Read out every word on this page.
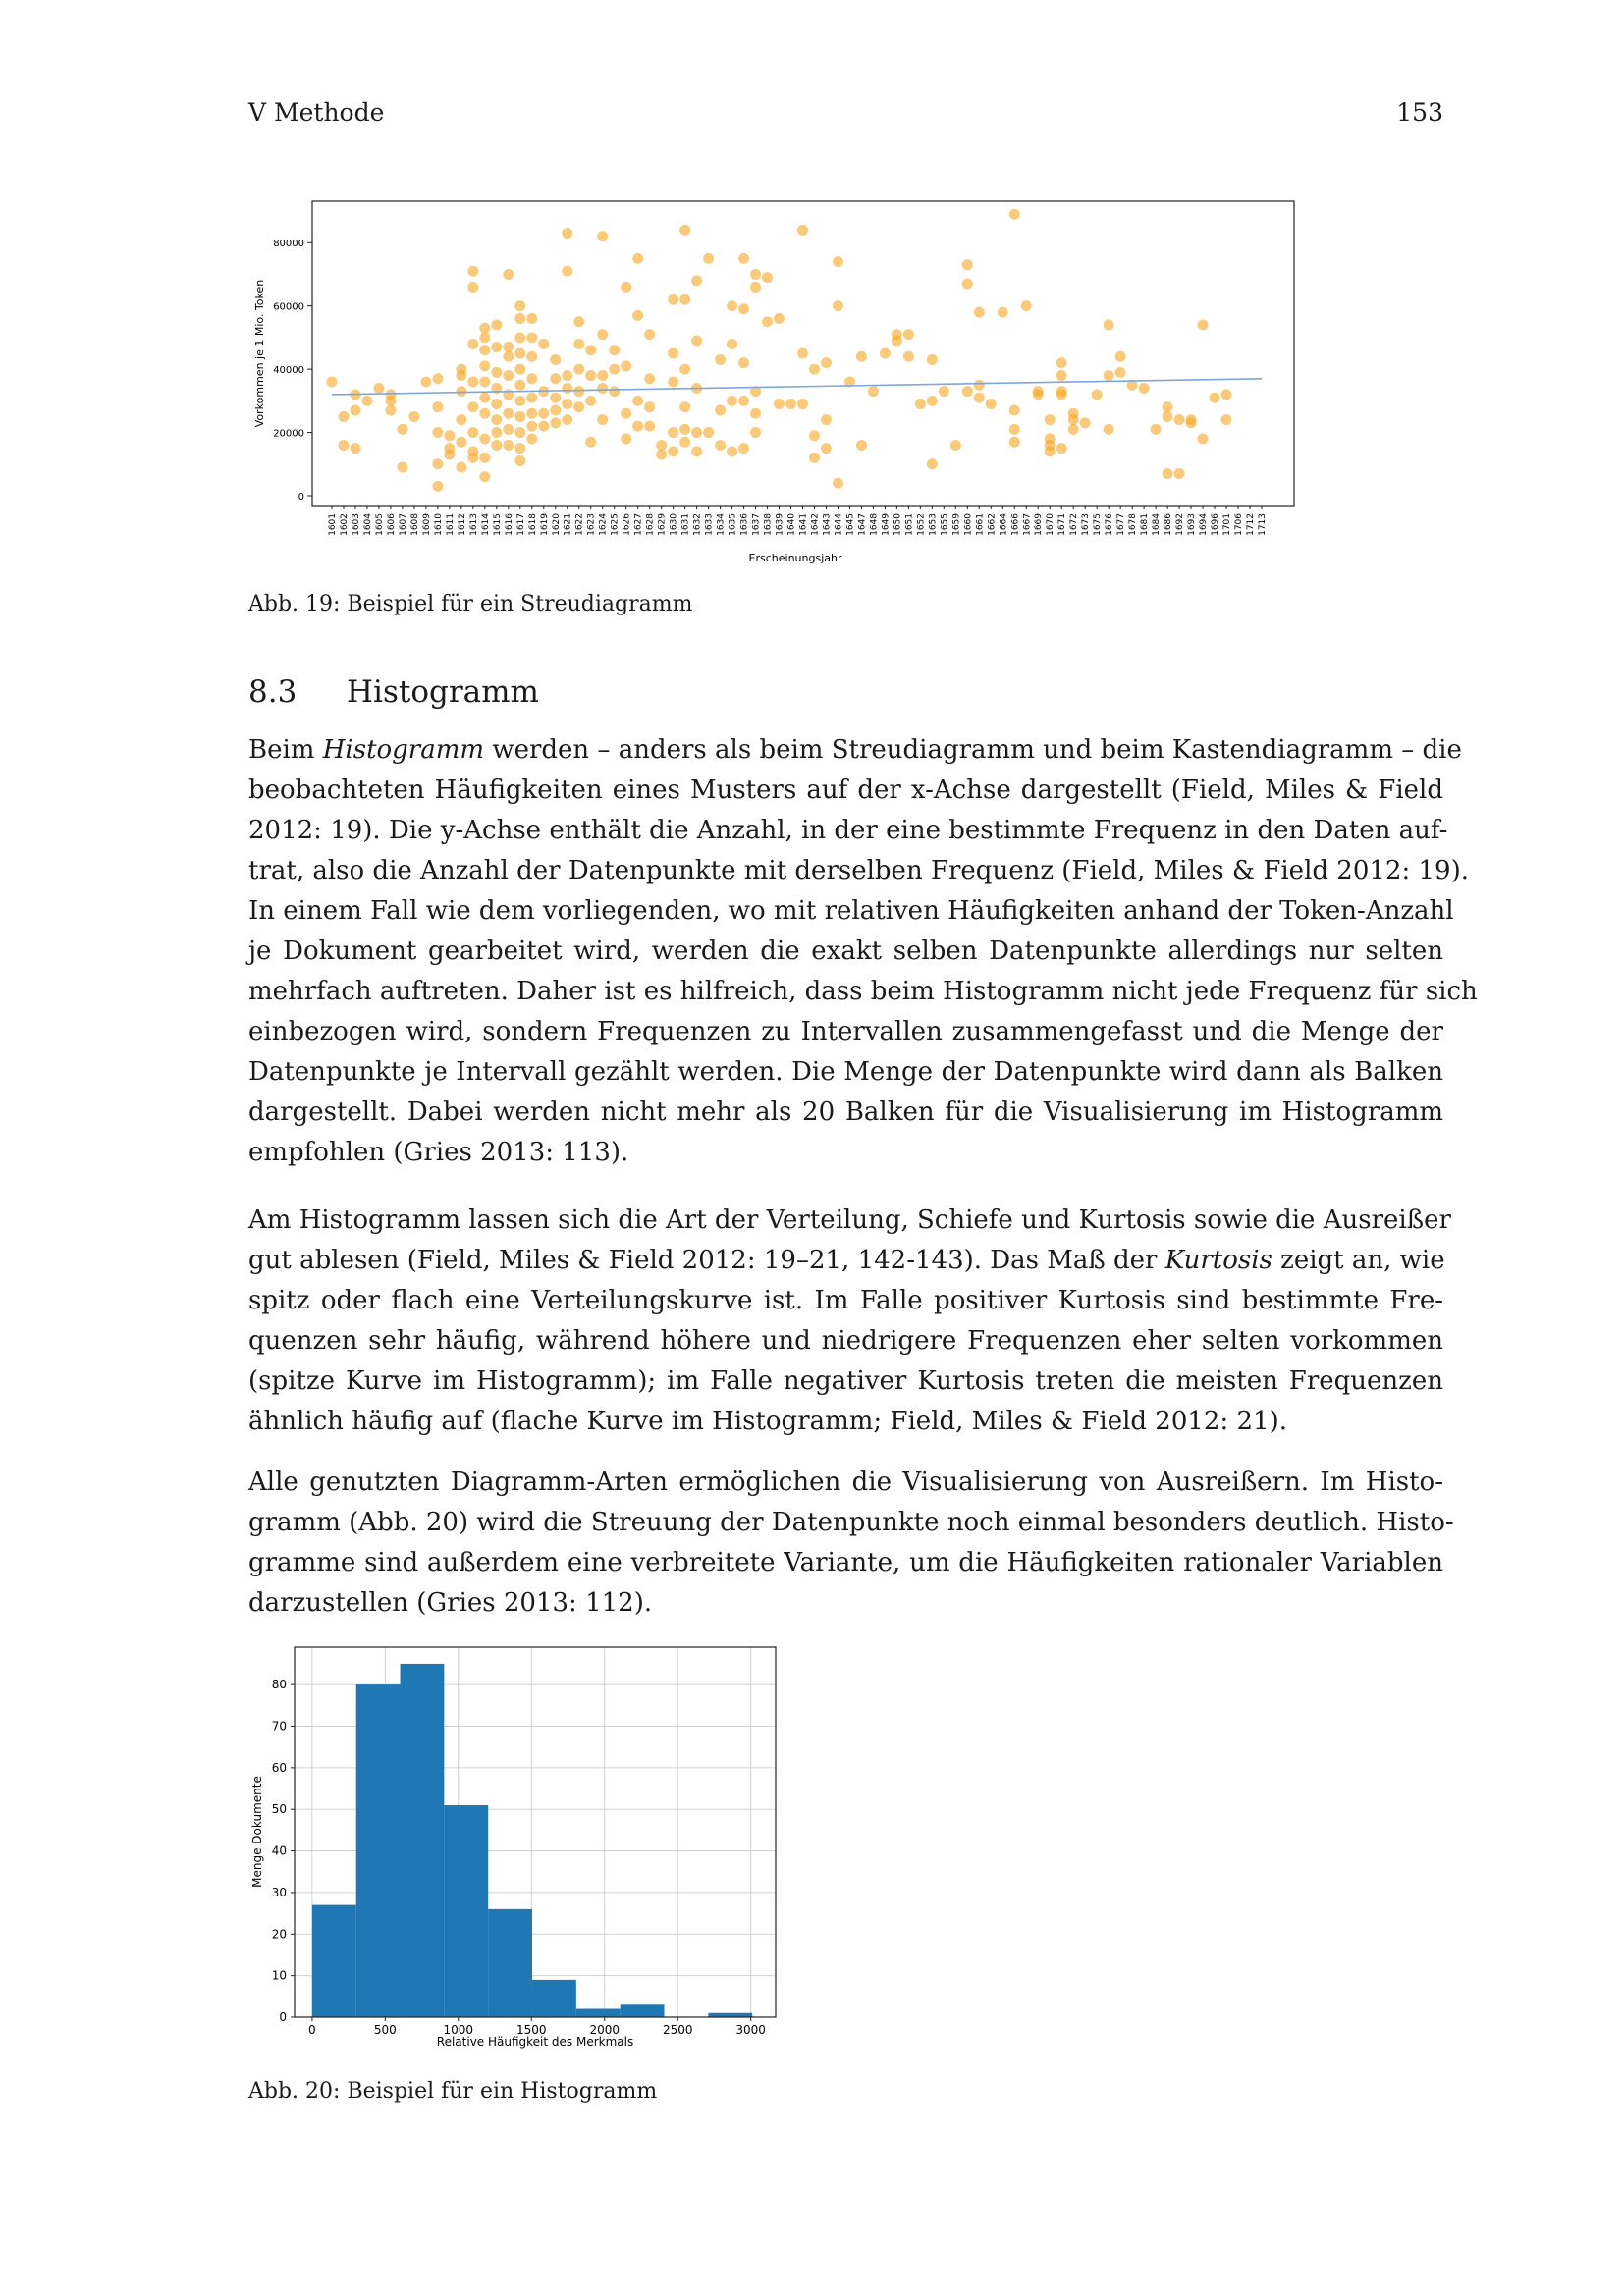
V Methode	153
0
20000
40000
60000
80000
1601 1602 1603 1604 1605 1606 1607 1608 1609 1610 1611 1612 1613 1614 1615 1616 1617 1618 1619 1620 1621 1622 1623 1624 1625 1626 1627 1628 1629 1630 1631 1632 1633 1634 1635 1636 1637 1638 1639 1640 1641 1642 1643 1644 1645 1647 1648 1649 1650 1651 1652 1653 1655 1659 1660 1661 1662 1664 1666 1667 1669 1670 1671 1672 1673 1675 1676 1677 1678 1681 1684 1686 1692 1693 1694 1696 1701 1706 1712 1713
Vorkommen je 1 Mio. Token
Erscheinungsjahr
Abb. 19: Beispiel für ein Streudiagramm
8.3 Histogramm
Beim Histogramm werden – anders als beim Streudiagramm und beim Kastendiagramm – die
beobachteten Häufigkeiten eines Musters auf der x-Achse dargestellt (Field, Miles & Field
2012: 19). Die y-Achse enthält die Anzahl, in der eine bestimmte Frequenz in den Daten auf-
trat, also die Anzahl der Datenpunkte mit derselben Frequenz (Field, Miles & Field 2012: 19).
In einem Fall wie dem vorliegenden, wo mit relativen Häufigkeiten anhand der Token-Anzahl
je Dokument gearbeitet wird, werden die exakt selben Datenpunkte allerdings nur selten
mehrfach auftreten. Daher ist es hilfreich, dass beim Histogramm nicht jede Frequenz für sich
einbezogen wird, sondern Frequenzen zu Intervallen zusammengefasst und die Menge der
Datenpunkte je Intervall gezählt werden. Die Menge der Datenpunkte wird dann als Balken
dargestellt. Dabei werden nicht mehr als 20 Balken für die Visualisierung im Histogramm
empfohlen (Gries 2013: 113).
Am Histogramm lassen sich die Art der Verteilung, Schiefe und Kurtosis sowie die Ausreißer
gut ablesen (Field, Miles & Field 2012: 19–21, 142-143). Das Maß der Kurtosis zeigt an, wie
spitz oder flach eine Verteilungskurve ist. Im Falle positiver Kurtosis sind bestimmte Fre-
quenzen sehr häufig, während höhere und niedrigere Frequenzen eher selten vorkommen
(spitze Kurve im Histogramm); im Falle negativer Kurtosis treten die meisten Frequenzen
ähnlich häufig auf (flache Kurve im Histogramm; Field, Miles & Field 2012: 21).
Alle genutzten Diagramm-Arten ermöglichen die Visualisierung von Ausreißern. Im Histo-
gramm (Abb. 20) wird die Streuung der Datenpunkte noch einmal besonders deutlich. Histo-
gramme sind außerdem eine verbreitete Variante, um die Häufigkeiten rationaler Variablen
darzustellen (Gries 2013: 112).
0	500	1000	1500	2000	2500	3000
0
10
20
30
40
50
60
70
80
Menge Dokumente
Relative Häufigkeit des Merkmals
Abb. 20: Beispiel für ein Histogramm
